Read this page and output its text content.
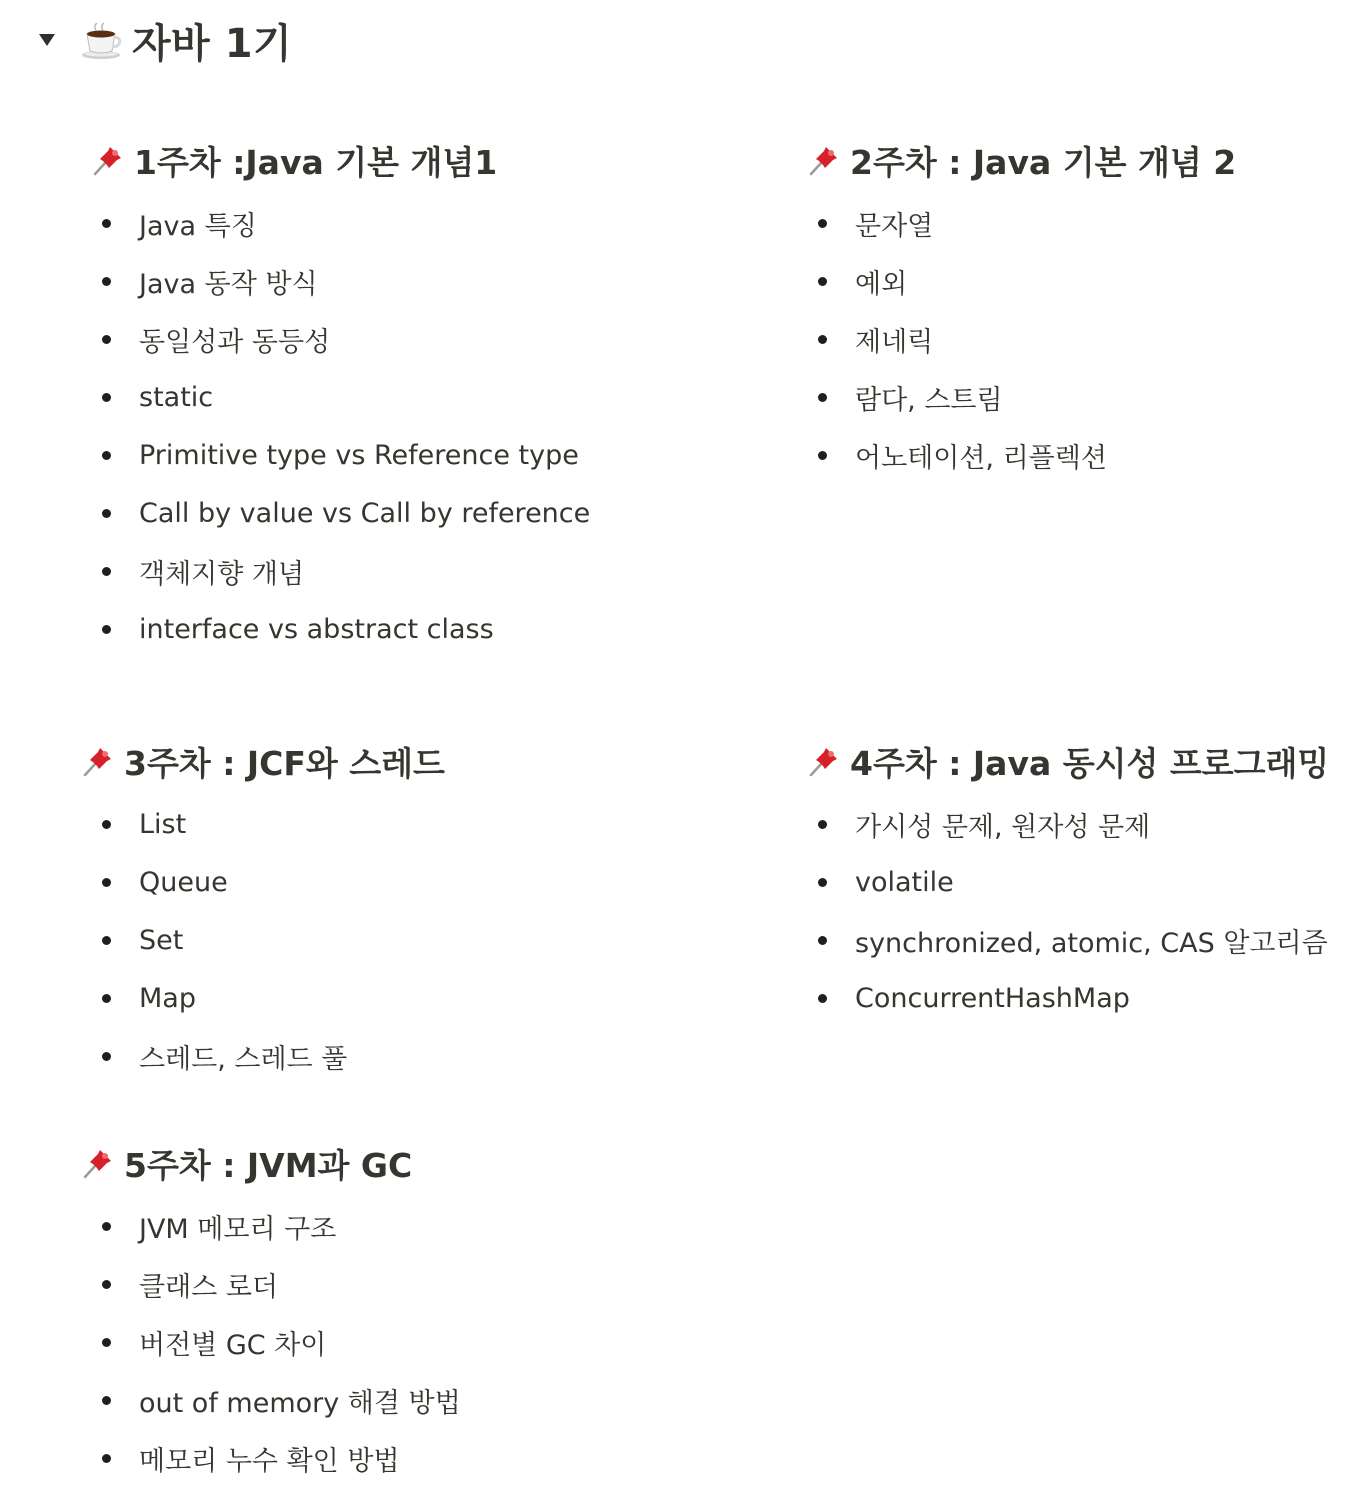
자바 1기
1주차 :Java 기본 개념1
Java 특징
Java 동작 방식
동일성과 동등성
static
Primitive type vs Reference type
Call by value vs Call by reference
객체지향 개념
interface vs abstract class
2주차 : Java 기본 개념 2
문자열
예외
제네릭
람다, 스트림
어노테이션, 리플렉션
3주차 : JCF와 스레드
List
Queue
Set
Map
스레드, 스레드 풀
4주차 : Java 동시성 프로그래밍
가시성 문제, 원자성 문제
volatile
synchronized, atomic, CAS 알고리즘
ConcurrentHashMap
5주차 : JVM과 GC
JVM 메모리 구조
클래스 로더
버전별 GC 차이
out of memory 해결 방법
메모리 누수 확인 방법
